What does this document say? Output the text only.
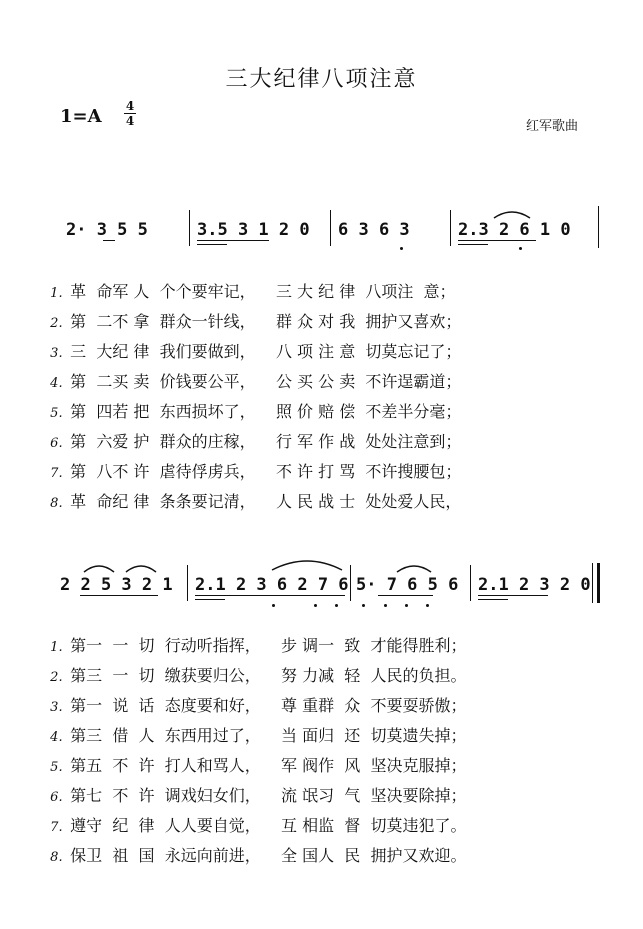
三大纪律八项注意
1=A 4
4	红军歌曲
2· 3 5 5	3.5 3 1 2 0 6 3 6 3	2.3 2 6 1 0

1. 革  命军 人  个个要牢记，    三 大 纪 律  八项注  意；

2. 第  二不 拿  群众一针线，    群 众 对 我  拥护又喜欢；

3. 三  大纪 律  我们要做到，    八 项 注 意  切莫忘记了；

4. 第  二买 卖  价钱要公平，    公 买 公 卖  不许逞霸道；

5. 第  四若 把  东西损坏了，    照 价 赔 偿  不差半分毫；

6. 第  六爱 护  群众的庄稼，    行 军 作 战  处处注意到；

7. 第  八不 许  虐待俘虏兵，    不 许 打 骂  不许搜腰包；

8. 革  命纪 律  条条要记清，    人 民 战 士  处处爱人民，

2 2 5 3 2 1 2.1 2 3 6 2 7 6 5· 7 6 5 6 2.1 2 3 2 0

1. 第一  一  切  行动听指挥，    步 调一  致  才能得胜利；

2. 第三  一  切  缴获要归公，    努 力减  轻  人民的负担。

3. 第一  说  话  态度要和好，    尊 重群  众  不要耍骄傲；

4. 第三  借  人  东西用过了，    当 面归  还  切莫遗失掉；

5. 第五  不  许  打人和骂人，    军 阀作  风  坚决克服掉；

6. 第七  不  许  调戏妇女们，    流 氓习  气  坚决要除掉；

7. 遵守  纪  律  人人要自觉，    互 相监  督  切莫违犯了。

8. 保卫  祖  国  永远向前进，    全 国人  民  拥护又欢迎。
